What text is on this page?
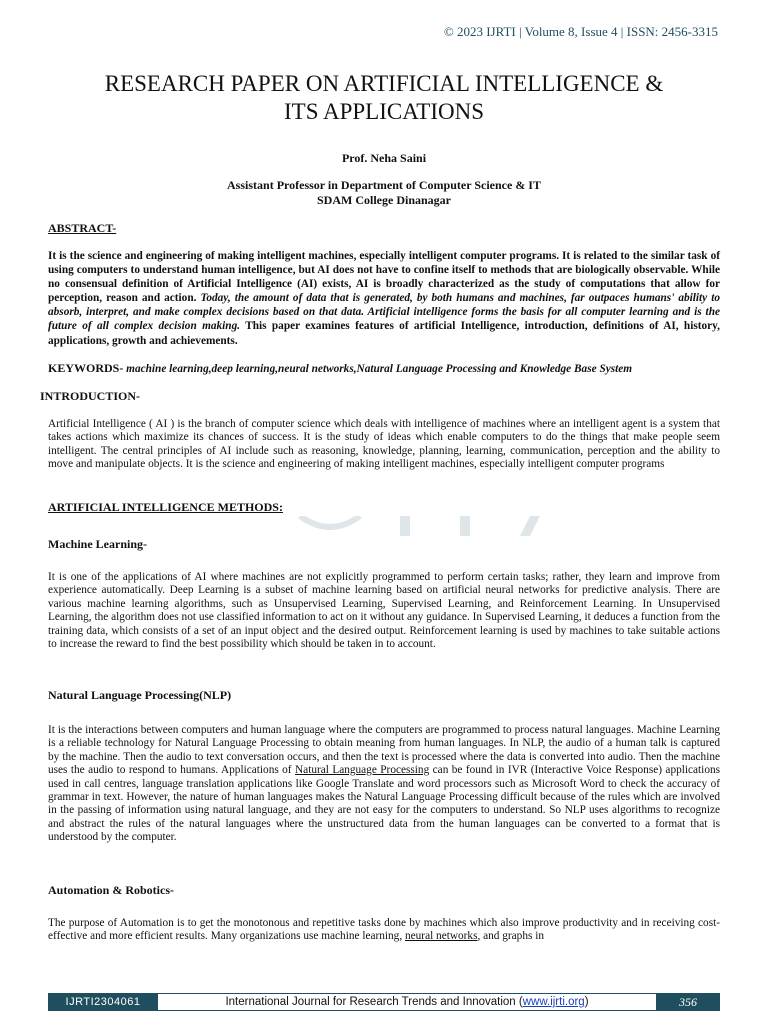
© 2023 IJRTI | Volume 8, Issue 4 | ISSN: 2456-3315
RESEARCH PAPER ON ARTIFICIAL INTELLIGENCE &
ITS APPLICATIONS
Prof. Neha Saini
Assistant Professor in Department of Computer Science & IT
SDAM College Dinanagar
ABSTRACT-

It is the science and engineering of making intelligent machines, especially intelligent computer programs. It is related to the similar task of using computers to understand human intelligence, but AI does not have to confine itself to methods that are biologically observable. While no consensual definition of Artificial Intelligence (AI) exists, AI is broadly characterized as the study of computations that allow for perception, reason and action. Today, the amount of data that is generated, by both humans and machines, far outpaces humans' ability to absorb, interpret, and make complex decisions based on that data. Artificial intelligence forms the basis for all computer learning and is the future of all complex decision making. This paper examines features of artificial Intelligence, introduction, definitions of AI, history, applications, growth and achievements.

KEYWORDS- machine learning,deep learning,neural networks,Natural Language Processing and Knowledge Base System
INTRODUCTION-

Artificial Intelligence ( AI ) is the branch of computer science which deals with intelligence of machines where an intelligent agent is a system that takes actions which maximize its chances of success. It is the study of ideas which enable computers to do the things that make people seem intelligent. The central principles of AI include such as reasoning, knowledge, planning, learning, communication, perception and the ability to move and manipulate objects. It is the science and engineering of making intelligent machines, especially intelligent computer programs

ARTIFICIAL INTELLIGENCE METHODS:
Machine Learning-

It is one of the applications of AI where machines are not explicitly programmed to perform certain tasks; rather, they learn and improve from experience automatically. Deep Learning is a subset of machine learning based on artificial neural networks for predictive analysis. There are various machine learning algorithms, such as Unsupervised Learning, Supervised Learning, and Reinforcement Learning. In Unsupervised Learning, the algorithm does not use classified information to act on it without any guidance. In Supervised Learning, it deduces a function from the training data, which consists of a set of an input object and the desired output. Reinforcement learning is used by machines to take suitable actions to increase the reward to find the best possibility which should be taken in to account.

Natural Language Processing(NLP)

It is the interactions between computers and human language where the computers are programmed to process natural languages. Machine Learning is a reliable technology for Natural Language Processing to obtain meaning from human languages. In NLP, the audio of a human talk is captured by the machine. Then the audio to text conversation occurs, and then the text is processed where the data is converted into audio. Then the machine uses the audio to respond to humans. Applications of Natural Language Processing can be found in IVR (Interactive Voice Response) applications used in call centres, language translation applications like Google Translate and word processors such as Microsoft Word to check the accuracy of grammar in text. However, the nature of human languages makes the Natural Language Processing difficult because of the rules which are involved in the passing of information using natural language, and they are not easy for the computers to understand. So NLP uses algorithms to recognize and abstract the rules of the natural languages where the unstructured data from the human languages can be converted to a format that is understood by the computer.

Automation & Robotics-

The purpose of Automation is to get the monotonous and repetitive tasks done by machines which also improve productivity and in receiving cost-effective and more efficient results. Many organizations use machine learning, neural networks, and graphs in

IJRTI2304061	International Journal for Research Trends and Innovation ( www.ijrti.org )	356
